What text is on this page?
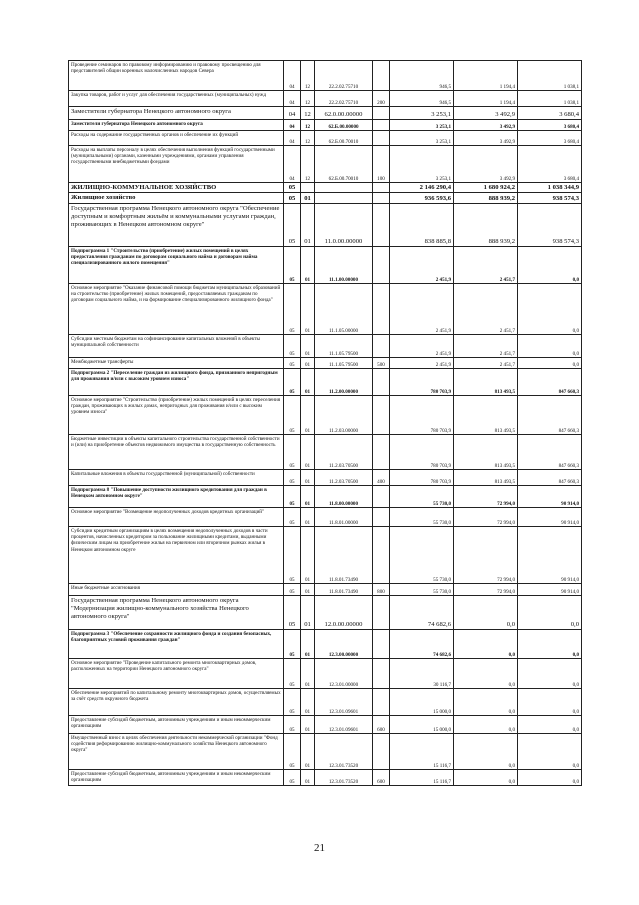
Проведение семинаров по правовому информированию и правовому просвещению для представителей общин коренных малочисленных народов Севера	04	12	22.2.02.75710		946,5	1 194,4	1 038,1
Закупка товаров, работ и услуг для обеспечения государственных (муниципальных) нужд	04	12	22.2.02.75710	200	946,5	1 194,4	1 038,1
Заместители губернатора Ненецкого автономного округа	04	12	62.0.00.00000		3 253,1	3 492,9	3 680,4
Заместители губернатора Ненецкого автономного округа	04	12	62.Б.00.00000		3 253,1	3 492,9	3 680,4
Расходы на содержание государственных органов и обеспечение их функций	04	12	62.Б.00.70010		3 253,1	3 492,9	3 680,4
Расходы на выплаты персоналу в целях обеспечения выполнения функций государственными (муниципальными) органами, казенными учреждениями, органами управления государственными внебюджетными фондами	04	12	62.Б.00.70010	100	3 253,1	3 492,9	3 680,4
ЖИЛИЩНО-КОММУНАЛЬНОЕ ХОЗЯЙСТВО	05				2 146 290,4	1 680 924,2	1 038 344,9
Жилищное хозяйство	05	01			936 593,6	888 939,2	938 574,3
Государственная программа Ненецкого автономного округа "Обеспечение доступным и комфортным жильём и коммунальными услугами граждан, проживающих в Ненецком автономном округе"	05	01	11.0.00.00000		838 885,8	888 939,2	938 574,3
Подпрограмма 1 "Строительство (приобретение) жилых помещений в целях предоставления гражданам по договорам социального найма и договорам найма специализированного жилого помещения"	05	01	11.1.00.00000		2 451,9	2 451,7	0,0
Основное мероприятие "Оказание финансовой помощи бюджетам муниципальных образований на строительство (приобретение) жилых помещений, предоставляемых гражданам по договорам социального найма, и на формирование специализированного жилищного фонда"	05	01	11.1.05.00000		2 451,9	2 451,7	0,0
Субсидии местным бюджетам на софинансирование капитальных вложений в объекты муниципальной собственности	05	01	11.1.05.79500		2 451,9	2 451,7	0,0
Межбюджетные трансферты	05	01	11.1.05.79500	500	2 451,9	2 451,7	0,0
Подпрограмма 2 "Переселение граждан из жилищного фонда, признанного непригодным для проживания и/или с высоким уровнем износа"	05	01	11.2.00.00000		780 703,9	813 493,5	847 660,3
Основное мероприятие "Строительство (приобретение) жилых помещений в целях переселения граждан, проживающих в жилых домах, непригодных для проживания и/или с высоким уровнем износа"	05	01	11.2.03.00000		780 703,9	813 493,5	847 660,3
Бюджетные инвестиции в объекты капитального строительства государственной собственности и (или) на приобретение объектов недвижимого имущества в государственную собственность	05	01	11.2.03.70500		780 703,9	813 493,5	847 660,3
Капитальные вложения в объекты государственной (муниципальной) собственности	05	01	11.2.03.70500	400	780 703,9	813 493,5	847 660,3
Подпрограмма 8 "Повышение доступности жилищного кредитования для граждан в Ненецком автономном округе"	05	01	11.8.00.00000		55 730,0	72 994,0	90 914,0
Основное мероприятие "Возмещение недополученных доходов кредитных организаций"	05	01	11.8.01.00000		55 730,0	72 994,0	90 914,0
Субсидии кредитным организациям в целях возмещения недополученных доходов в части процентов, начисленных кредитором за пользование жилищными кредитами, выданными физическим лицам на приобретение жилья на первичном или вторичном рынках жилья в Ненецком автономном округе	05	01	11.8.01.73490		55 730,0	72 994,0	90 914,0
Иные бюджетные ассигнования	05	01	11.8.01.73490	800	55 730,0	72 994,0	90 914,0
Государственная программа Ненецкого автономного округа "Модернизация жилищно-коммунального хозяйства Ненецкого автономного округа"	05	01	12.0.00.00000		74 682,6	0,0	0,0
Подпрограмма 3 "Обеспечение сохранности жилищного фонда и создания безопасных, благоприятных условий проживания граждан"	05	01	12.3.00.00000		74 682,6	0,0	0,0
Основное мероприятие "Проведение капитального ремонта многоквартирных домов, расположенных на территории Ненецкого автономного округа"	05	01	12.3.01.00000		30 116,7	0,0	0,0
Обеспечение мероприятий по капитальному ремонту многоквартирных домов, осуществляемых за счёт средств окружного бюджета	05	01	12.3.01.09601		15 000,0	0,0	0,0
Предоставление субсидий бюджетным, автономным учреждениям и иным некоммерческим организациям	05	01	12.3.01.09601	600	15 000,0	0,0	0,0
Имущественный взнос в целях обеспечения деятельности некоммерческой организации "Фонд содействия реформированию жилищно-коммунального хозяйства Ненецкого автономного округа"	05	01	12.3.01.73520		15 116,7	0,0	0,0
Предоставление субсидий бюджетным, автономным учреждениям и иным некоммерческим организациям	05	01	12.3.01.73520	600	15 116,7	0,0	0,0
21
